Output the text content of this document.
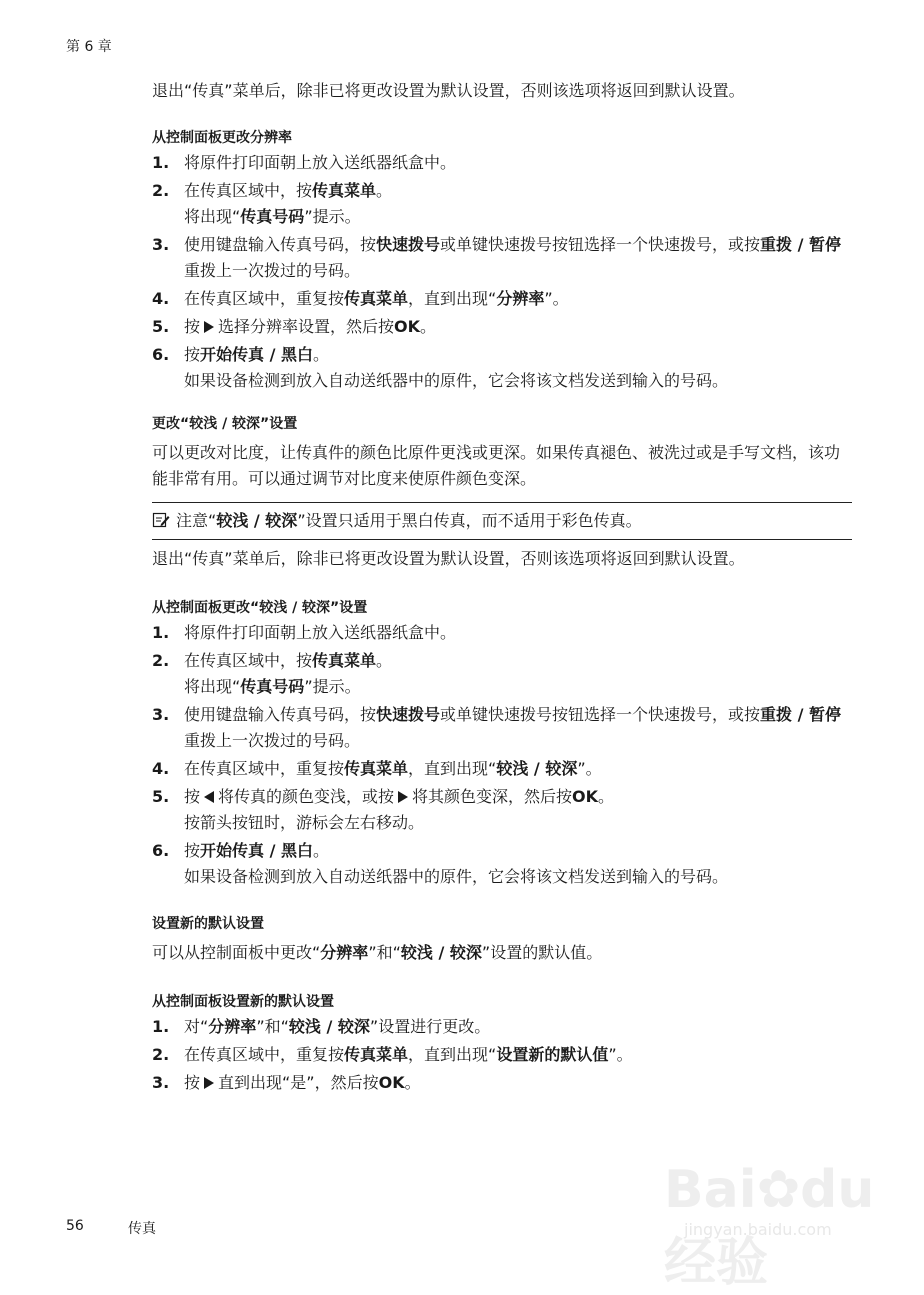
第 6 章

退出“传真”菜单后，除非已将更改设置为默认设置，否则该选项将返回到默认设置。

从控制面板更改分辨率

1. 将原件打印面朝上放入送纸器纸盒中。
2. 在传真区域中，按传真菜单。
将出现“传真号码”提示。
3. 使用键盘输入传真号码，按快速拨号或单键快速拨号按钮选择一个快速拨号，或按重拨 / 暂停重拨上一次拨过的号码。
4. 在传真区域中，重复按传真菜单，直到出现“分辨率”。
5. 按 选择分辨率设置，然后按OK。
6. 按开始传真 / 黑白。
如果设备检测到放入自动送纸器中的原件，它会将该文档发送到输入的号码。

更改“较浅 / 较深”设置

可以更改对比度，让传真件的颜色比原件更浅或更深。如果传真褪色、被洗过或是手写文档，该功能非常有用。可以通过调节对比度来使原件颜色变深。

注意“较浅 / 较深”设置只适用于黑白传真，而不适用于彩色传真。

退出“传真”菜单后，除非已将更改设置为默认设置，否则该选项将返回到默认设置。

从控制面板更改“较浅 / 较深”设置

1. 将原件打印面朝上放入送纸器纸盒中。
2. 在传真区域中，按传真菜单。
将出现“传真号码”提示。
3. 使用键盘输入传真号码，按快速拨号或单键快速拨号按钮选择一个快速拨号，或按重拨 / 暂停重拨上一次拨过的号码。
4. 在传真区域中，重复按传真菜单，直到出现“较浅 / 较深”。
5. 按 将传真的颜色变浅，或按 将其颜色变深，然后按OK。
按箭头按钮时，游标会左右移动。
6. 按开始传真 / 黑白。
如果设备检测到放入自动送纸器中的原件，它会将该文档发送到输入的号码。

设置新的默认设置

可以从控制面板中更改“分辨率”和“较浅 / 较深”设置的默认值。

从控制面板设置新的默认设置

1. 对“分辨率”和“较浅 / 较深”设置进行更改。
2. 在传真区域中，重复按传真菜单，直到出现“设置新的默认值”。
3. 按 直到出现“是”，然后按OK。
Bai✿du经验
jingyan.baidu.com
56	传真
